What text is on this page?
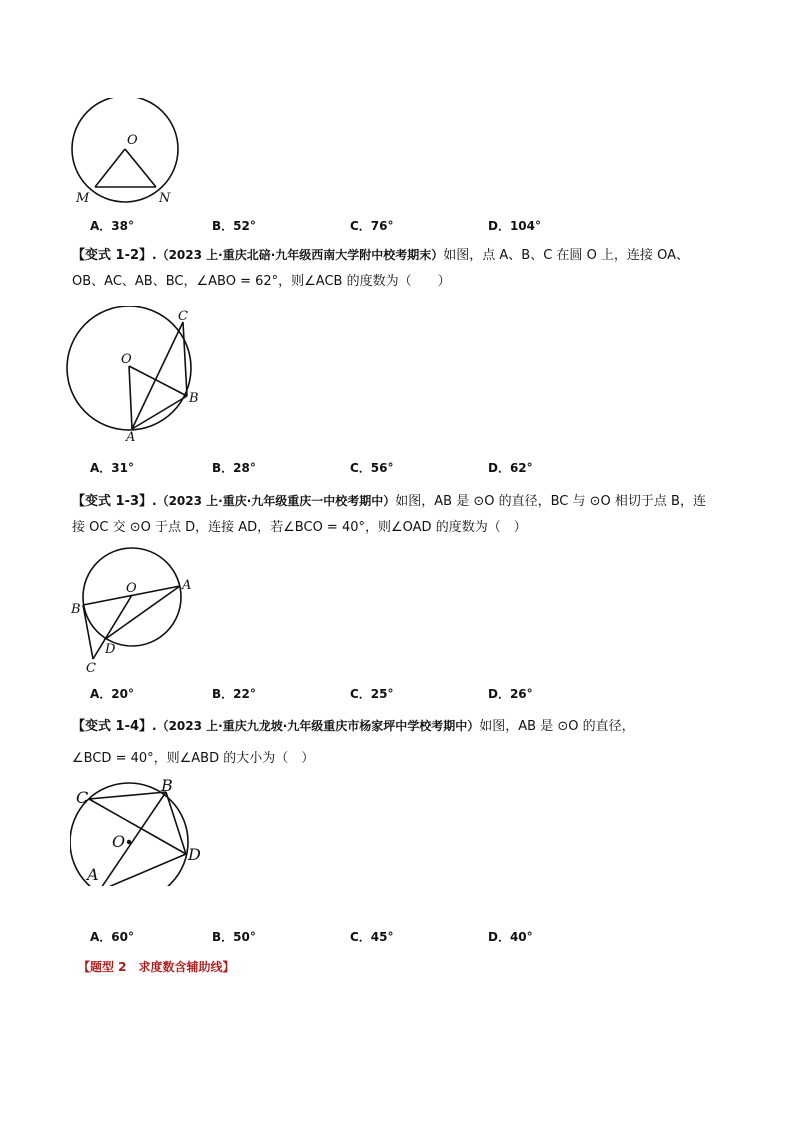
O
M	N
A．38°	B．52°	C．76°	D．104°
【变式 1-2】.（2023 上·重庆北碚·九年级西南大学附中校考期末）如图，点 A、B、C 在圆 O 上，连接 OA、
OB、AC、AB、BC，∠ABO = 62°，则∠ACB 的度数为（　　）
O
A
B
C
A．31°	B．28°	C．56°	D．62°
【变式 1-3】.（2023 上·重庆·九年级重庆一中校考期中）如图，AB 是 ⊙O 的直径，BC 与 ⊙O 相切于点 B，连
接 OC 交 ⊙O 于点 D，连接 AD，若∠BCO = 40°，则∠OAD 的度数为（　）
O	A
B
C
D
A．20°	B．22°	C．25°	D．26°
【变式 1-4】.（2023 上·重庆九龙坡·九年级重庆市杨家坪中学校考期中）如图，AB 是 ⊙O 的直径，
∠BCD = 40°，则∠ABD 的大小为（　）
O
A
B
C
D
A．60°	B．50°	C．45°	D．40°
【题型 2　求度数含辅助线】
